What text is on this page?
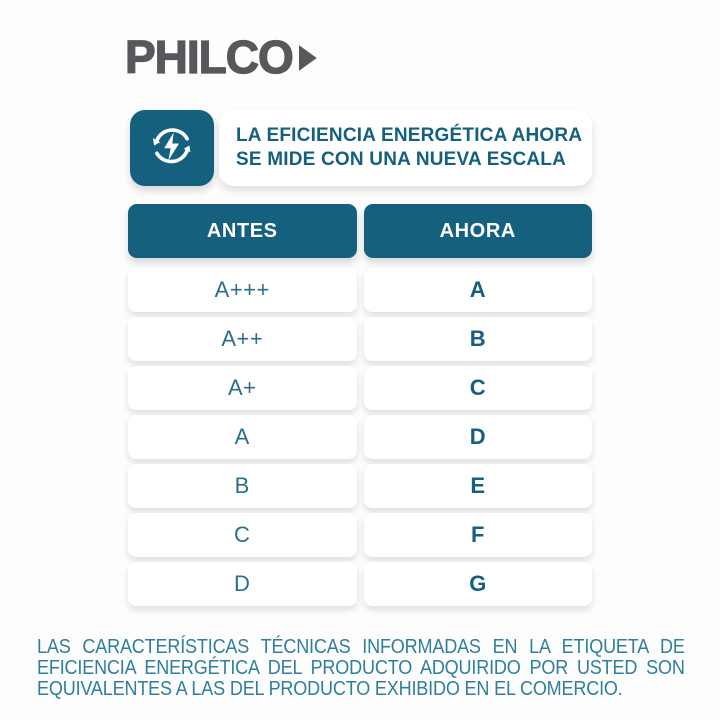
PHILCO
LA EFICIENCIA ENERGÉTICA AHORA
SE MIDE CON UNA NUEVA ESCALA
ANTES	AHORA
A+++	A
A++	B
A+	C
A	D
B	E
C	F
D	G
LAS CARACTERÍSTICAS TÉCNICAS INFORMADAS EN LA ETIQUETA DE
EFICIENCIA ENERGÉTICA DEL PRODUCTO ADQUIRIDO POR USTED SON
EQUIVALENTES A LAS DEL PRODUCTO EXHIBIDO EN EL COMERCIO.
